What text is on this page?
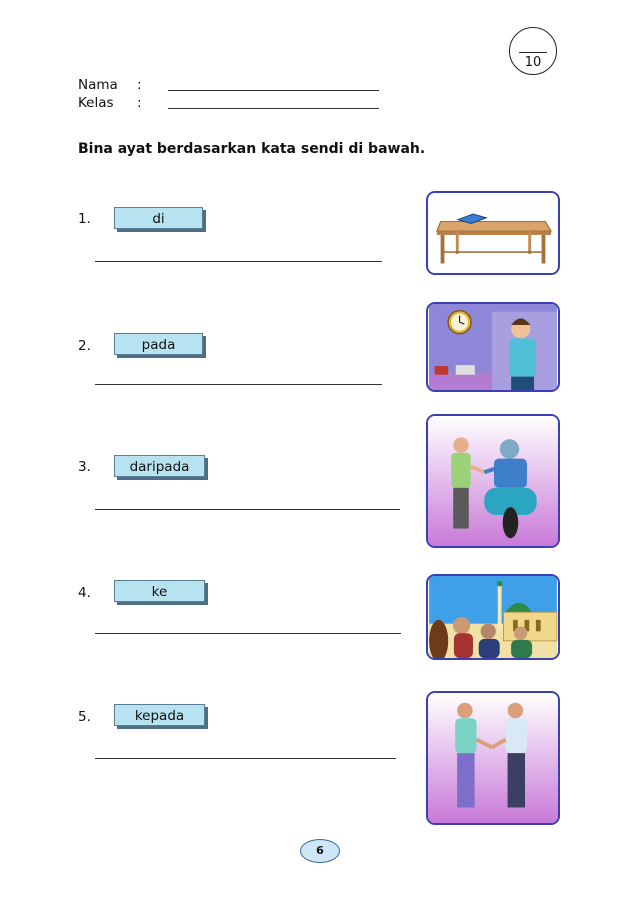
10
Nama :
Kelas :
Bina ayat berdasarkan kata sendi di bawah.
1.	di
2.	pada
3.	daripada
4.	ke
5.	kepada
6
